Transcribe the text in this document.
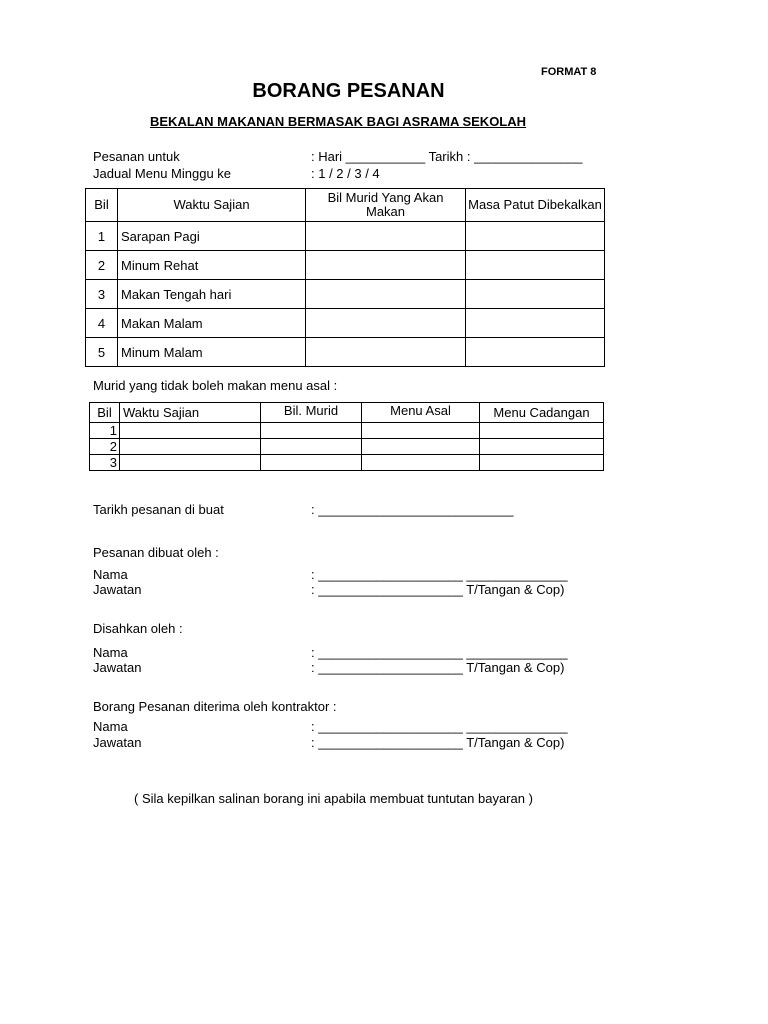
FORMAT 8
BORANG PESANAN
BEKALAN MAKANAN BERMASAK BAGI ASRAMA SEKOLAH
Pesanan untuk	: Hari ___________ Tarikh : _______________
Jadual Menu Minggu ke	: 1 / 2 / 3 / 4
Bil	Waktu Sajian	Bil Murid Yang Akan Makan	Masa Patut Dibekalkan
1	Sarapan Pagi		
2	Minum Rehat		
3	Makan Tengah hari		
4	Makan Malam		
5	Minum Malam		
Murid yang tidak boleh makan menu asal :
Bil	Waktu Sajian	Bil. Murid	Menu Asal	Menu Cadangan
1				
2				
3				
Tarikh pesanan di buat	: ___________________________
Pesanan dibuat oleh :
Nama	: ____________________ ______________
Jawatan	: ____________________ T/Tangan & Cop)
Disahkan oleh :
Nama	: ____________________ ______________
Jawatan	: ____________________ T/Tangan & Cop)
Borang Pesanan diterima oleh kontraktor :
Nama	: ____________________ ______________
Jawatan	: ____________________ T/Tangan & Cop)
( Sila kepilkan salinan borang ini apabila membuat tuntutan bayaran )
